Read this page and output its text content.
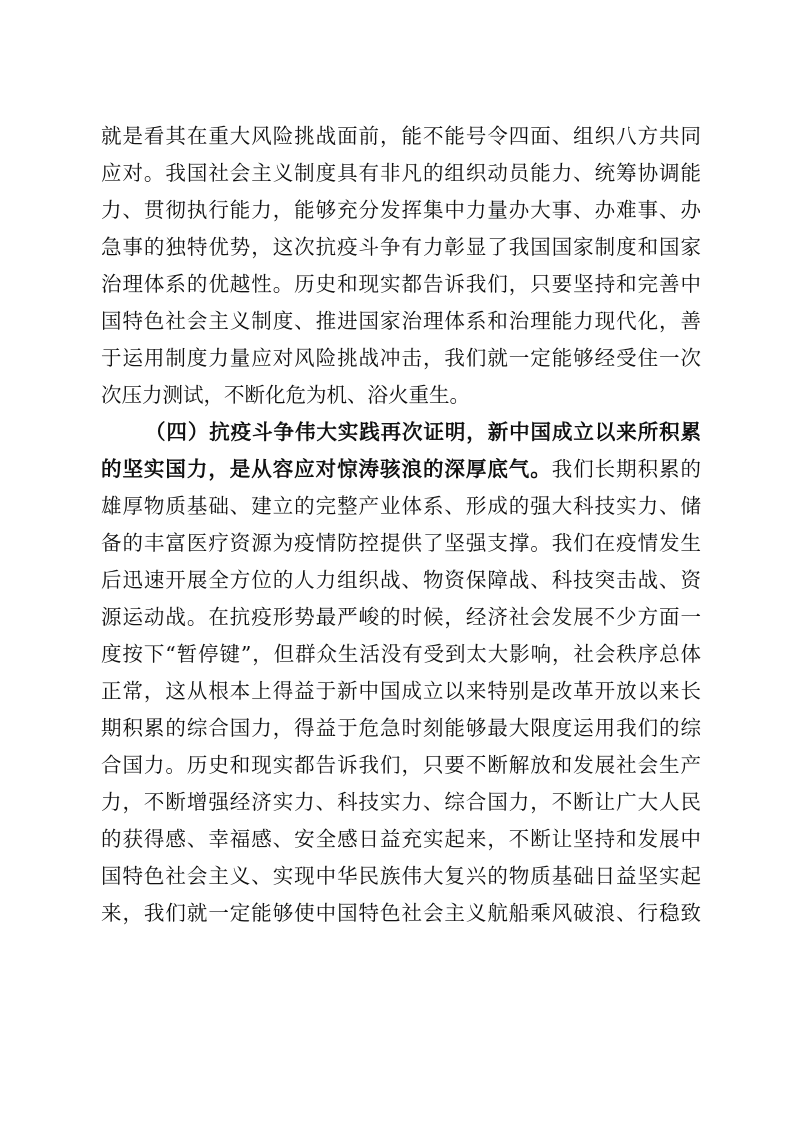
就是看其在重大风险挑战面前，能不能号令四面、组织八方共同
应对。我国社会主义制度具有非凡的组织动员能力、统筹协调能
力、贯彻执行能力，能够充分发挥集中力量办大事、办难事、办
急事的独特优势，这次抗疫斗争有力彰显了我国国家制度和国家
治理体系的优越性。历史和现实都告诉我们，只要坚持和完善中
国特色社会主义制度、推进国家治理体系和治理能力现代化，善
于运用制度力量应对风险挑战冲击，我们就一定能够经受住一次
次压力测试，不断化危为机、浴火重生。
（四）抗疫斗争伟大实践再次证明，新中国成立以来所积累
的坚实国力，是从容应对惊涛骇浪的深厚底气。我们长期积累的
雄厚物质基础、建立的完整产业体系、形成的强大科技实力、储
备的丰富医疗资源为疫情防控提供了坚强支撑。我们在疫情发生
后迅速开展全方位的人力组织战、物资保障战、科技突击战、资
源运动战。在抗疫形势最严峻的时候，经济社会发展不少方面一
度按下“暂停键”，但群众生活没有受到太大影响，社会秩序总体
正常，这从根本上得益于新中国成立以来特别是改革开放以来长
期积累的综合国力，得益于危急时刻能够最大限度运用我们的综
合国力。历史和现实都告诉我们，只要不断解放和发展社会生产
力，不断增强经济实力、科技实力、综合国力，不断让广大人民
的获得感、幸福感、安全感日益充实起来，不断让坚持和发展中
国特色社会主义、实现中华民族伟大复兴的物质基础日益坚实起
来，我们就一定能够使中国特色社会主义航船乘风破浪、行稳致
